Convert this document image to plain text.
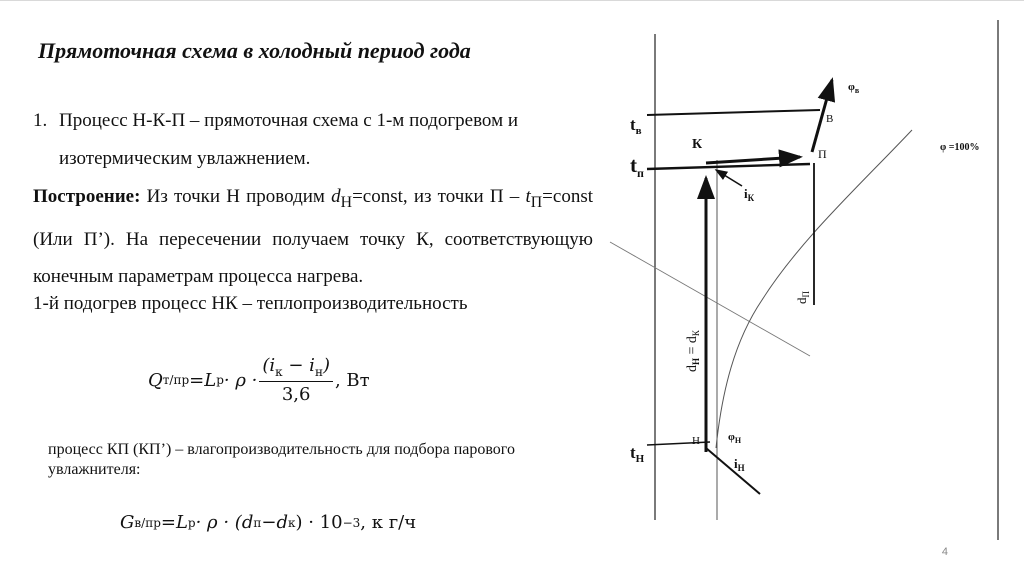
Прямоточная схема в холодный период года
1. Процесс Н-К-П – прямоточная схема с 1-м подогревом и
изотермическим увлажнением.
Построение: Из точки Н проводим $d_Н=const$, из точки $П - t_П=const$ (Или П’). На пересечении получаем точку К, соответствующую конечным параметрам процесса нагрева.
1-й подогрев процесс НК – теплопроизводительность
Q т/пр = L $р \cdot \rho \cdot \frac{(i_к - i_н)}{3,6}$ , Вт
процесс КП (КП’) – влагопроизводительность для подбора парового увлажнителя:
G в/пр = L р · ρ · ( d п − d к ) · 10 −3 , к г/ч
$t_в$
$t_п$
$t_Н$
К
П
В
Н
$\varphi_в$
φ =100%
$\varphi_Н$
$i_К$
$i_Н$
$d_Н = d_К$
$d_П$
4
